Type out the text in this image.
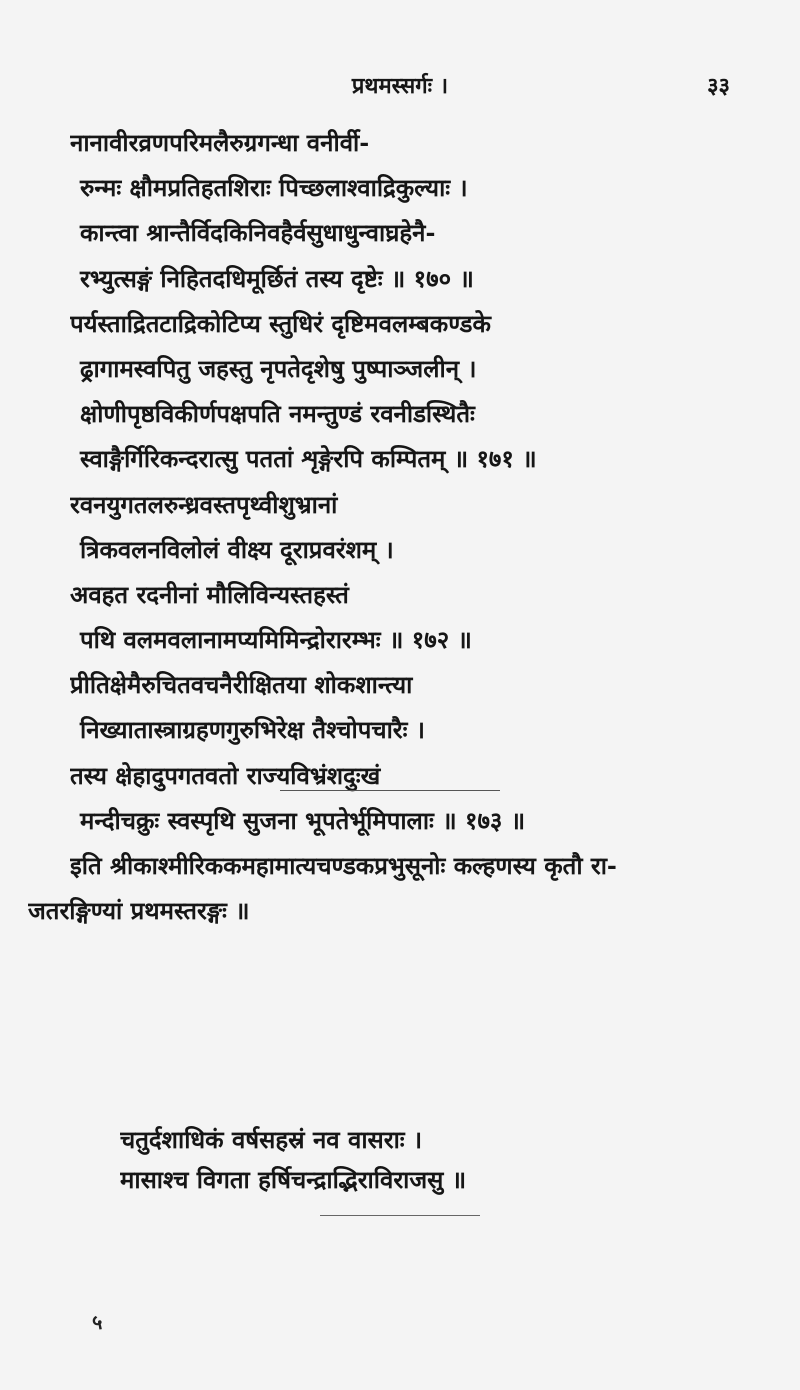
प्रथमस्सर्गः ।	३३
नानावीरव्रणपरिमलैरुग्रगन्धा वनीर्वी-
रुन्मः क्षौमप्रतिहतशिराः पिच्छलाश्वाद्रिकुल्याः ।
कान्त्वा श्रान्तैर्विदकिनिवहैर्वसुधाधुन्वाघ्रहेनै-
रभ्युत्सङ्गं निहितदधिमूर्छितं तस्य दृष्टेः ॥ १७० ॥
पर्यस्ताद्रितटाद्रिकोटिप्य स्तुधिरं दृष्टिमवलम्बकण्डके
ढ्रागामस्वपितु जहस्तु नृपतेदृशेषु पुष्पाञ्जलीन् ।
क्षोणीपृष्ठविकीर्णपक्षपति नमन्तुण्डं रवनीडस्थितैः
स्वाङ्गैर्गिरिकन्दरात्सु पततां शृङ्गेरपि कम्पितम् ॥ १७१ ॥
रवनयुगतलरुन्ध्रवस्तपृथ्वीशुभ्रानां
त्रिकवलनविलोलं वीक्ष्य दूराप्रवरंशम् ।
अवहत रदनीनां मौलिविन्यस्तहस्तं
पथि वलमवलानामप्यमिमिन्द्रोरारम्भः ॥ १७२ ॥
प्रीतिक्षेमैरुचितवचनैरीक्षितया शोकशान्त्या
निख्यातास्त्राग्रहणगुरुभिरेक्ष तैश्चोपचारैः ।
तस्य क्षेहादुपगतवतो राज्यविभ्रंशदुःखं
मन्दीचक्रुः स्वस्पृथि सुजना भूपतेर्भूमिपालाः ॥ १७३ ॥
इति श्रीकाश्मीरिककमहामात्यचण्डकप्रभुसूनोः कल्हणस्य कृतौ रा-
जतरङ्गिण्यां प्रथमस्तरङ्गः ॥
चतुर्दशाधिकं वर्षसहस्रं नव वासराः ।
मासाश्च विगता हर्षिचन्द्राद्भिराविराजसु ॥
५
